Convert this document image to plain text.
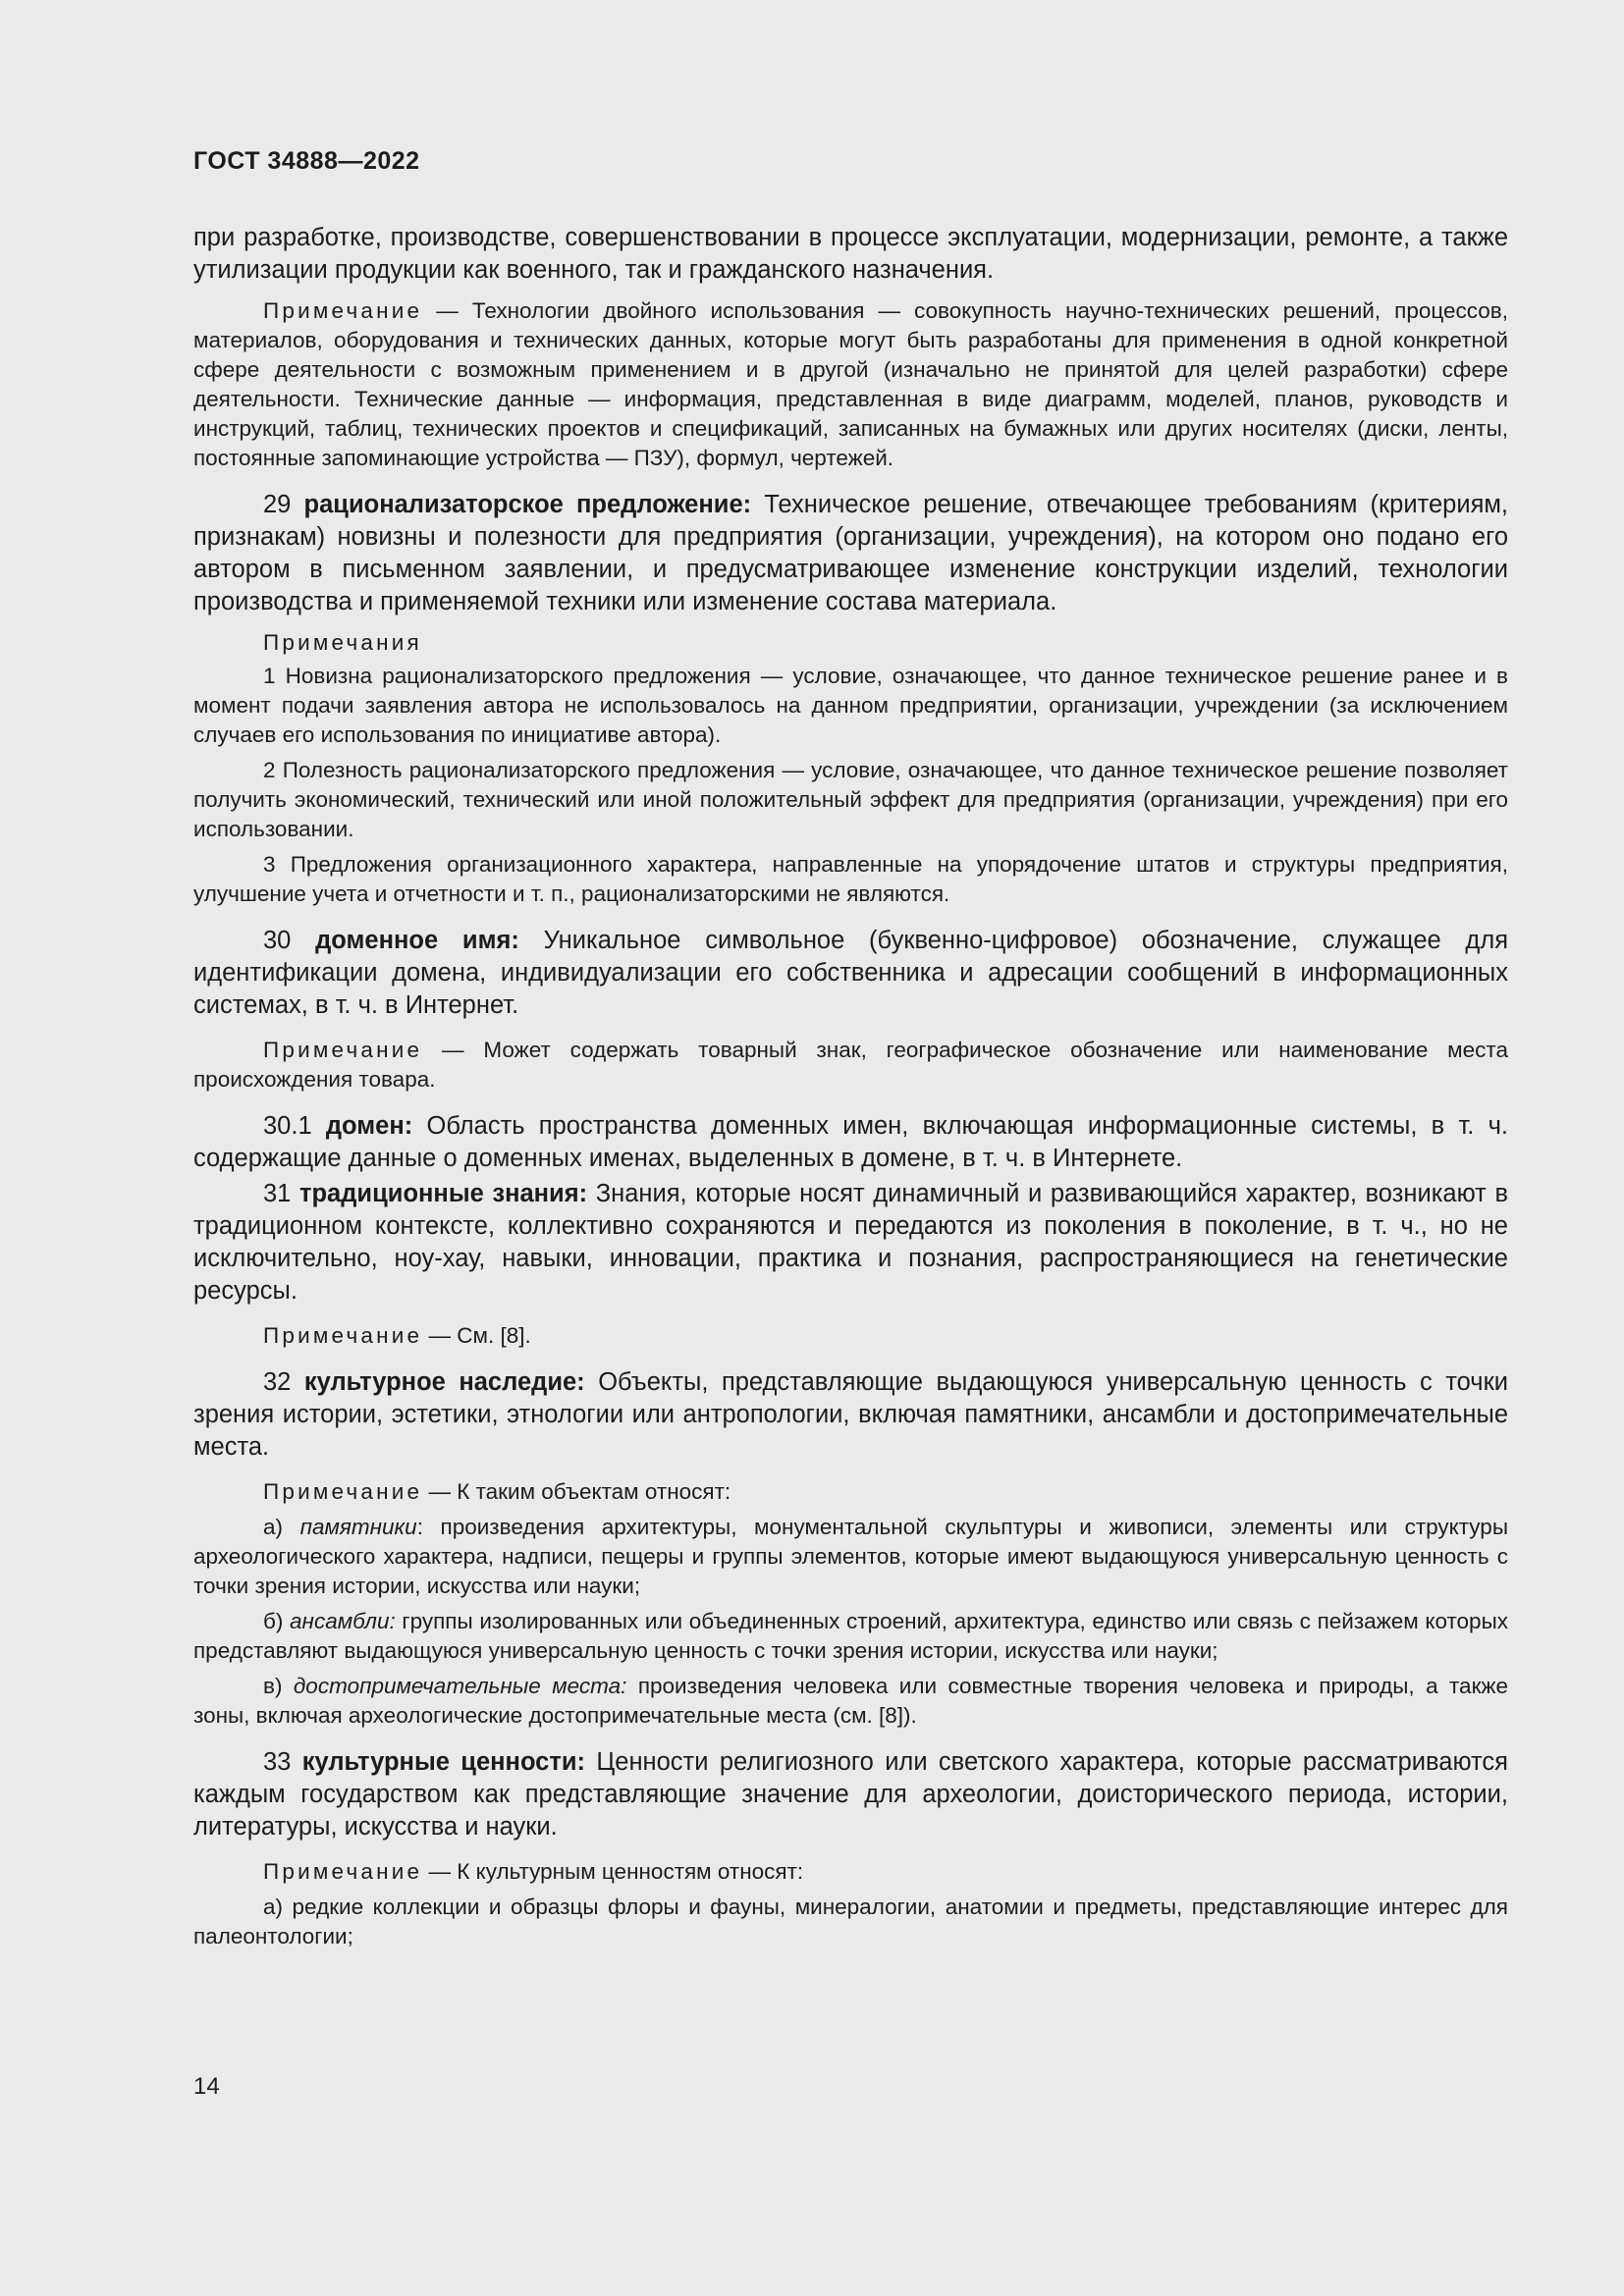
ГОСТ 34888—2022

при разработке, производстве, совершенствовании в процессе эксплуатации, модернизации, ремонте, а также утилизации продукции как военного, так и гражданского назначения.

Примечание — Технологии двойного использования — совокупность научно-технических решений, процессов, материалов, оборудования и технических данных, которые могут быть разработаны для применения в одной конкретной сфере деятельности с возможным применением и в другой (изначально не принятой для целей разработки) сфере деятельности. Технические данные — информация, представленная в виде диаграмм, моделей, планов, руководств и инструкций, таблиц, технических проектов и спецификаций, записанных на бумажных или других носителях (диски, ленты, постоянные запоминающие устройства — ПЗУ), формул, чертежей.

29 рационализаторское предложение: Техническое решение, отвечающее требованиям (критериям, признакам) новизны и полезности для предприятия (организации, учреждения), на котором оно подано его автором в письменном заявлении, и предусматривающее изменение конструкции изделий, технологии производства и применяемой техники или изменение состава материала.

Примечания

1 Новизна рационализаторского предложения — условие, означающее, что данное техническое решение ранее и в момент подачи заявления автора не использовалось на данном предприятии, организации, учреждении (за исключением случаев его использования по инициативе автора).

2 Полезность рационализаторского предложения — условие, означающее, что данное техническое решение позволяет получить экономический, технический или иной положительный эффект для предприятия (организации, учреждения) при его использовании.

3 Предложения организационного характера, направленные на упорядочение штатов и структуры предприятия, улучшение учета и отчетности и т. п., рационализаторскими не являются.

30 доменное имя: Уникальное символьное (буквенно-цифровое) обозначение, служащее для идентификации домена, индивидуализации его собственника и адресации сообщений в информационных системах, в т. ч. в Интернет.

Примечание — Может содержать товарный знак, географическое обозначение или наименование места происхождения товара.

30.1 домен: Область пространства доменных имен, включающая информационные системы, в т. ч. содержащие данные о доменных именах, выделенных в домене, в т. ч. в Интернете.

31 традиционные знания: Знания, которые носят динамичный и развивающийся характер, возникают в традиционном контексте, коллективно сохраняются и передаются из поколения в поколение, в т. ч., но не исключительно, ноу-хау, навыки, инновации, практика и познания, распространяющиеся на генетические ресурсы.

Примечание — См. [8].

32 культурное наследие: Объекты, представляющие выдающуюся универсальную ценность с точки зрения истории, эстетики, этнологии или антропологии, включая памятники, ансамбли и достопримечательные места.

Примечание — К таким объектам относят:

а) памятники: произведения архитектуры, монументальной скульптуры и живописи, элементы или структуры археологического характера, надписи, пещеры и группы элементов, которые имеют выдающуюся универсальную ценность с точки зрения истории, искусства или науки;

б) ансамбли: группы изолированных или объединенных строений, архитектура, единство или связь с пейзажем которых представляют выдающуюся универсальную ценность с точки зрения истории, искусства или науки;

в) достопримечательные места: произведения человека или совместные творения человека и природы, а также зоны, включая археологические достопримечательные места (см. [8]).

33 культурные ценности: Ценности религиозного или светского характера, которые рассматриваются каждым государством как представляющие значение для археологии, доисторического периода, истории, литературы, искусства и науки.

Примечание — К культурным ценностям относят:

а) редкие коллекции и образцы флоры и фауны, минералогии, анатомии и предметы, представляющие интерес для палеонтологии;

14
